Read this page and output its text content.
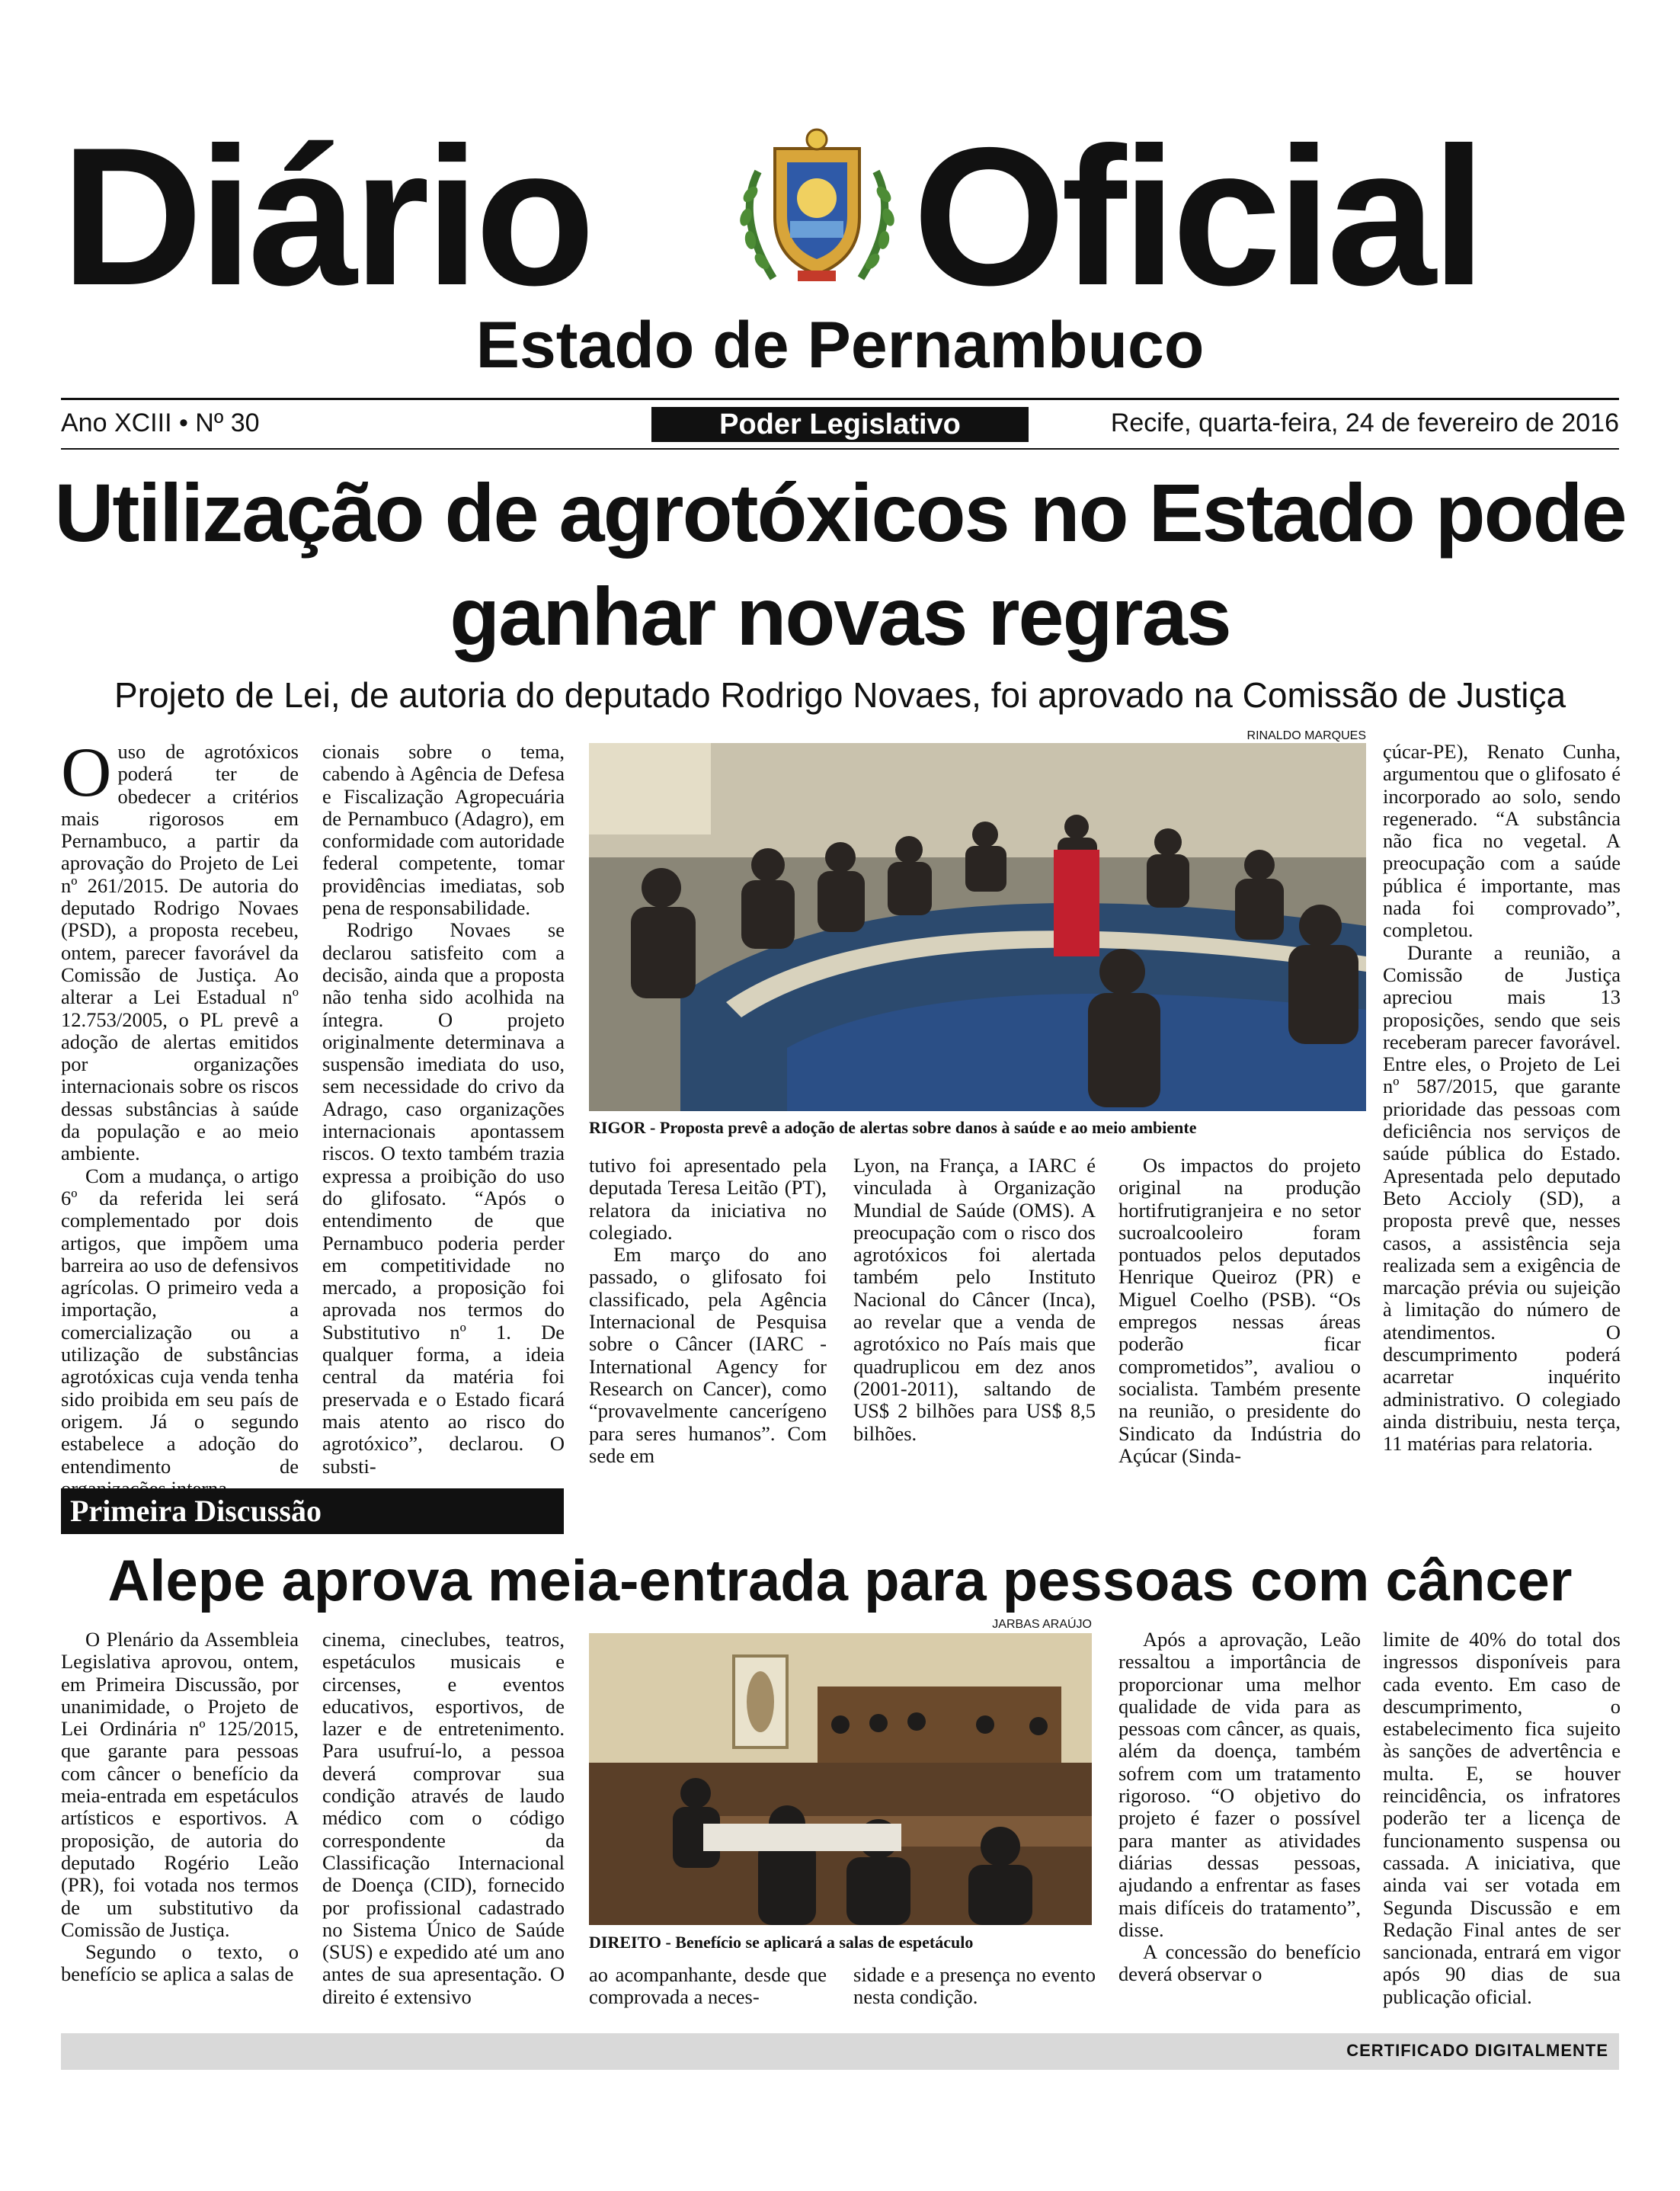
Diário Oficial
Estado de Pernambuco
Ano XCIII • Nº 30	Poder Legislativo	Recife, quarta-feira, 24 de fevereiro de 2016
Utilização de agrotóxicos no Estado pode ganhar novas regras
Projeto de Lei, de autoria do deputado Rodrigo Novaes, foi aprovado na Comissão de Justiça

Ouso de agrotóxicos poderá ter de obedecer a critérios mais rigorosos em Pernambuco, a partir da aprovação do Projeto de Lei nº 261/2015. De autoria do deputado Rodrigo Novaes (PSD), a proposta recebeu, ontem, parecer favorável da Comissão de Justiça. Ao alterar a Lei Estadual nº 12.753/2005, o PL prevê a adoção de alertas emitidos por organizações internacionais sobre os riscos dessas substâncias à saúde da população e ao meio ambiente.

Com a mudança, o artigo 6º da referida lei será complementado por dois artigos, que impõem uma barreira ao uso de defensivos agrícolas. O primeiro veda a importação, a comercialização ou a utilização de substâncias agrotóxicas cuja venda tenha sido proibida em seu país de origem. Já o segundo estabelece a adoção do entendimento de

cionais sobre o tema, cabendo à Agência de Defesa e Fiscalização Agropecuária de Pernambuco (Adagro), em conformidade com autoridade federal competente, tomar providências imediatas, sob pena de responsabilidade.

Rodrigo Novaes se declarou satisfeito com a decisão, ainda que a proposta não tenha sido acolhida na íntegra. O projeto originalmente determinava a suspensão imediata do uso, sem necessidade do crivo da Adrago, caso organizações internacionais apontassem riscos. O texto também trazia expressa a proibição do uso do glifosato. “Após o entendimento de que Pernambuco poderia perder em competitividade no mercado, a proposição foi aprovada nos termos do Substitutivo nº 1. De qualquer forma, a ideia central da matéria foi preservada e o Estado ficará mais atento ao risco do agrotóxico”, declarou. O substi-

RINALDO MARQUES
RIGOR - Proposta prevê a adoção de alertas sobre danos à saúde e ao meio ambiente

tutivo foi apresentado pela deputada Teresa Leitão (PT), relatora da iniciativa no colegiado.

Em março do ano passado, o glifosato foi classificado, pela Agência Internacional de Pesquisa sobre o Câncer (IARC - International Agency for Research on Cancer), como “provavelmente cancerígeno para seres humanos”. Com sede em

Lyon, na França, a IARC é vinculada à Organização Mundial de Saúde (OMS). A preocupação com o risco dos agrotóxicos foi alertada também pelo Instituto Nacional do Câncer (Inca), ao revelar que a venda de agrotóxico no País mais que quadruplicou em dez anos (2001-2011), saltando de US$ 2 bilhões para US$ 8,5 bilhões.

Os impactos do projeto original na produção hortifrutigranjeira e no setor sucroalcooleiro foram pontuados pelos deputados Henrique Queiroz (PR) e Miguel Coelho (PSB). “Os empregos nessas áreas poderão ficar comprometidos”, avaliou o socialista. Também presente na reunião, o presidente do Sindicato da Indústria do Açúcar (Sinda-

çúcar-PE), Renato Cunha, argumentou que o glifosato é incorporado ao solo, sendo regenerado. “A substância não fica no vegetal. A preocupação com a saúde pública é importante, mas nada foi comprovado”, completou.

Durante a reunião, a Comissão de Justiça apreciou mais 13 proposições, sendo que seis receberam parecer favorável. Entre eles, o Projeto de Lei nº 587/2015, que garante prioridade das pessoas com deficiência nos serviços de saúde pública do Estado. Apresentada pelo deputado Beto Accioly (SD), a proposta prevê que, nesses casos, a assistência seja realizada sem a exigência de marcação prévia ou sujeição à limitação do número de atendimentos. O descumprimento poderá acarretar inquérito administrativo. O colegiado ainda distribuiu, nesta terça, 11 matérias para relatoria.

Primeira Discussão
Alepe aprova meia-entrada para pessoas com câncer

O Plenário da Assembleia Legislativa aprovou, ontem, em Primeira Discussão, por unanimidade, o Projeto de Lei Ordinária nº 125/2015, que garante para pessoas com câncer o benefício da meia-entrada em espetáculos artísticos e esportivos. A proposição, de autoria do deputado Rogério Leão (PR), foi votada nos termos de um substitutivo da Comissão de Justiça.

Segundo o texto, o benefício se aplica a salas de

cinema, cineclubes, teatros, espetáculos musicais e circenses, e eventos educativos, esportivos, de lazer e de entretenimento. Para usufruí-lo, a pessoa deverá comprovar sua condição através de laudo médico com o código correspondente da Classificação Internacional de Doença (CID), fornecido por profissional cadastrado no Sistema Único de Saúde (SUS) e expedido até um ano antes de sua apresentação. O direito é extensivo

JARBAS ARAÚJO
DIREITO - Benefício se aplicará a salas de espetáculo

ao acompanhante, desde que comprovada a neces-

sidade e a presença no evento nesta condição.

Após a aprovação, Leão ressaltou a importância de proporcionar uma melhor qualidade de vida para as pessoas com câncer, as quais, além da doença, também sofrem com um tratamento rigoroso. “O objetivo do projeto é fazer o possível para manter as atividades diárias dessas pessoas, ajudando a enfrentar as fases mais difíceis do tratamento”, disse.

A concessão do benefício deverá observar o

limite de 40% do total dos ingressos disponíveis para cada evento. Em caso de descumprimento, o estabelecimento fica sujeito às sanções de advertência e multa. E, se houver reincidência, os infratores poderão ter a licença de funcionamento suspensa ou cassada. A iniciativa, que ainda vai ser votada em Segunda Discussão e em Redação Final antes de ser sancionada, entrará em vigor após 90 dias de sua publicação oficial.

CERTIFICADO DIGITALMENTE
